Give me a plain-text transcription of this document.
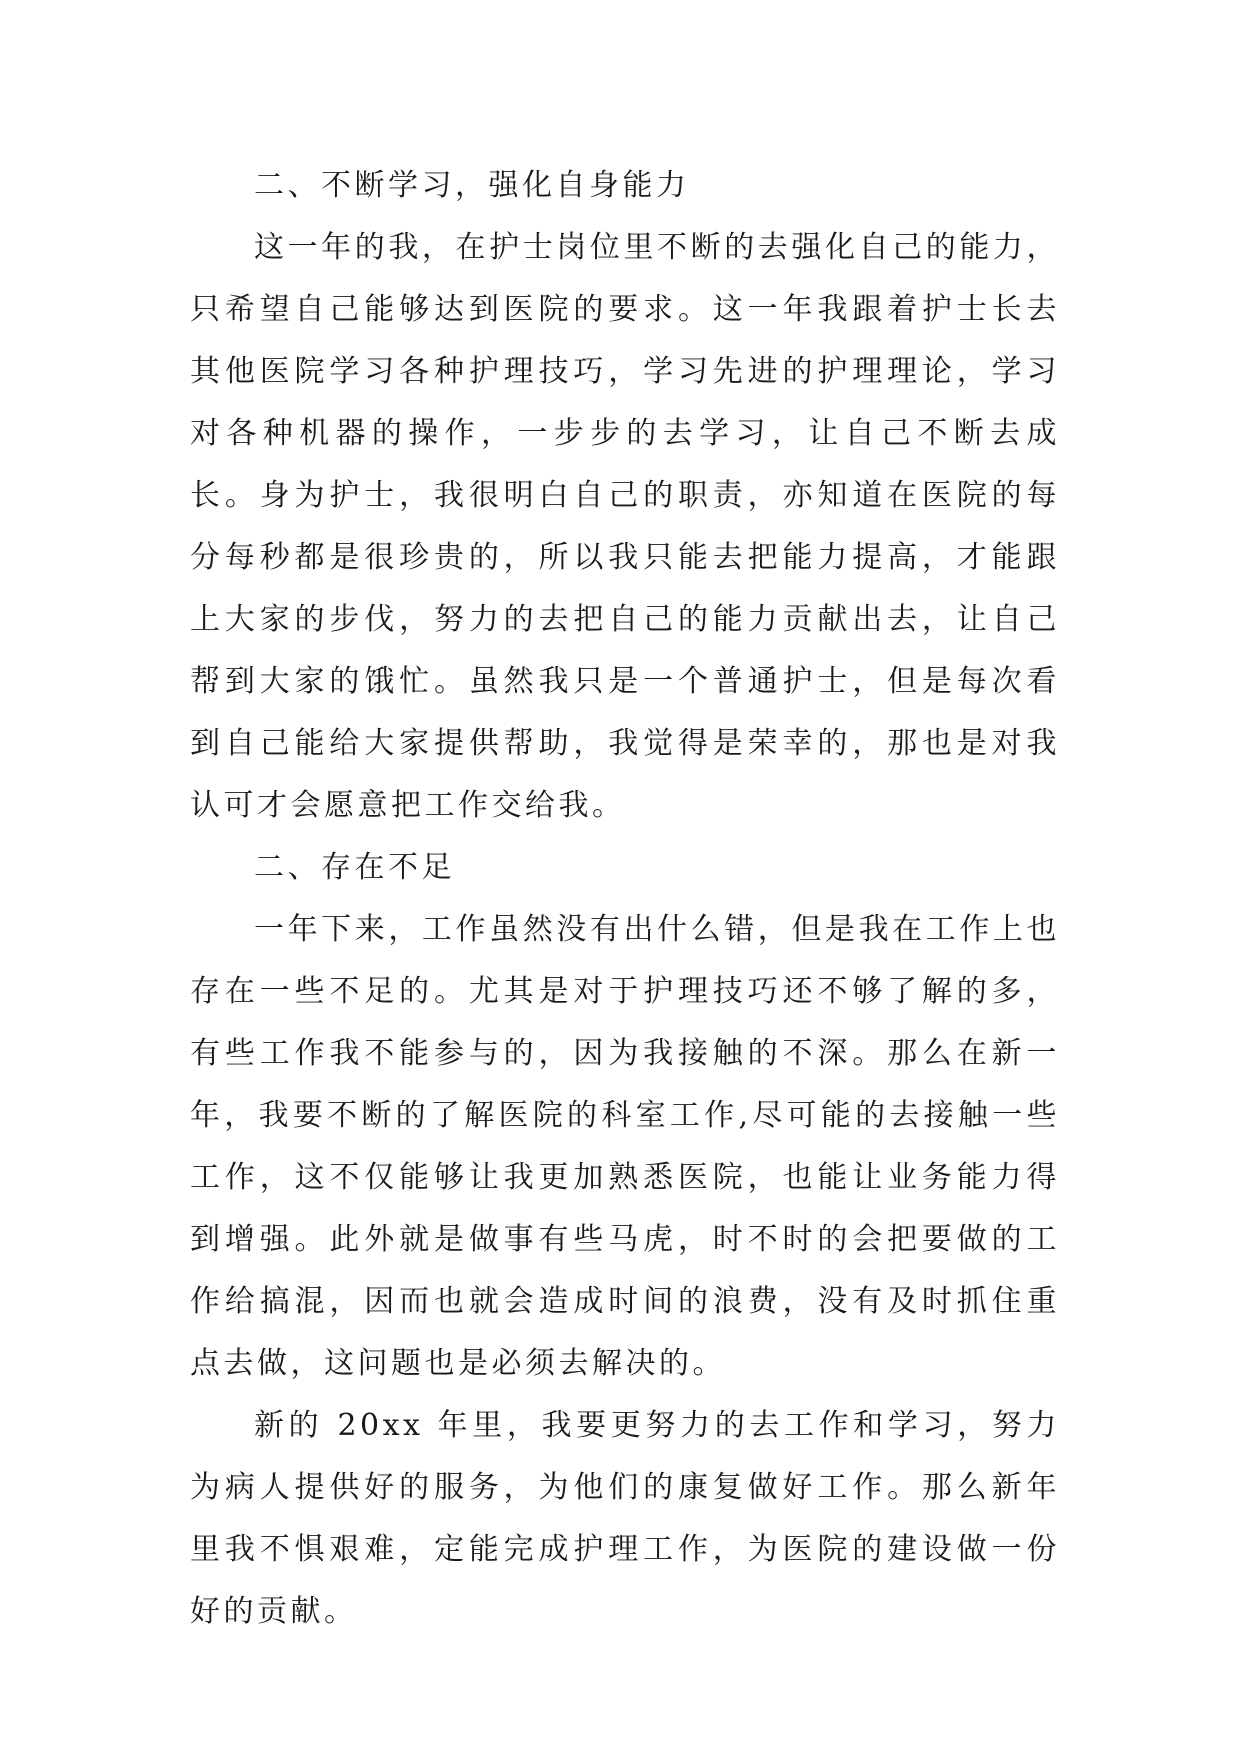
二、不断学习，强化自身能力

这一年的我，在护士岗位里不断的去强化自己的能力，只希望自己能够达到医院的要求。这一年我跟着护士长去其他医院学习各种护理技巧，学习先进的护理理论，学习对各种机器的操作，一步步的去学习，让自己不断去成长。身为护士，我很明白自己的职责，亦知道在医院的每分每秒都是很珍贵的，所以我只能去把能力提高，才能跟上大家的步伐，努力的去把自己的能力贡献出去，让自己帮到大家的饿忙。虽然我只是一个普通护士，但是每次看到自己能给大家提供帮助，我觉得是荣幸的，那也是对我认可才会愿意把工作交给我。

二、存在不足

一年下来，工作虽然没有出什么错，但是我在工作上也存在一些不足的。尤其是对于护理技巧还不够了解的多，有些工作我不能参与的，因为我接触的不深。那么在新一年，我要不断的了解医院的科室工作,尽可能的去接触一些工作，这不仅能够让我更加熟悉医院，也能让业务能力得到增强。此外就是做事有些马虎，时不时的会把要做的工作给搞混，因而也就会造成时间的浪费，没有及时抓住重点去做，这问题也是必须去解决的。

新的 20xx 年里，我要更努力的去工作和学习，努力为病人提供好的服务，为他们的康复做好工作。那么新年里我不惧艰难，定能完成护理工作，为医院的建设做一份好的贡献。
